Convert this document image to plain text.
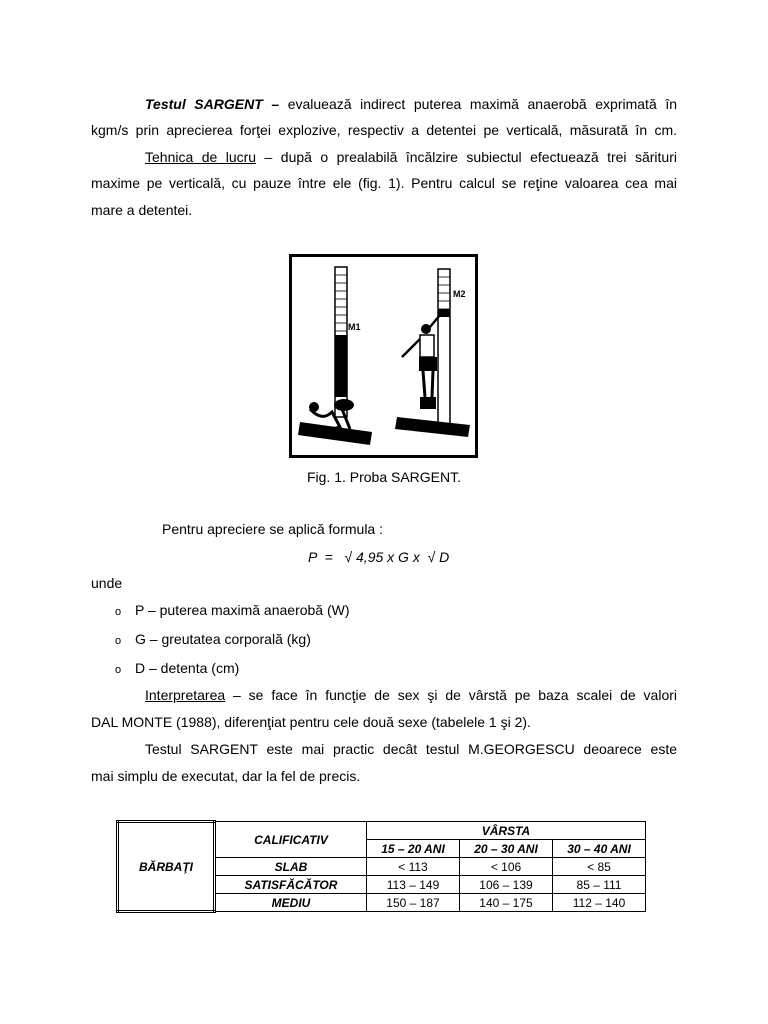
Testul SARGENT – evaluează indirect puterea maximă anaerobă exprimată în
kgm/s prin aprecierea forţei explozive, respectiv a detentei pe verticală, măsurată în cm.
Tehnica de lucru – după o prealabilă încălzire subiectul efectuează trei sărituri
maxime pe verticală, cu pauze între ele (fig. 1). Pentru calcul se reţine valoarea cea mai
mare a detentei.
M1
M2
Fig. 1. Proba SARGENT.
Pentru apreciere se aplică formula :
P  =   √ 4,95 x G x  √ D
unde
o P – puterea maximă anaerobă (W)
o G – greutatea corporală (kg)
o D – detenta (cm)
Interpretarea – se face în funcţie de sex şi de vârstă pe baza scalei de valori
DAL MONTE (1988), diferenţiat pentru cele două sexe (tabelele 1 şi 2).
Testul SARGENT este mai practic decât testul M.GEORGESCU deoarece este
mai simplu de executat, dar la fel de precis.
BĂRBAŢI	CALIFICATIV	VÂRSTA		
		15 – 20 ANI	20 – 30 ANI	30 – 40 ANI
	SLAB	< 113	< 106	< 85
	SATISFĂCĂTOR	113 – 149	106 – 139	85 – 111
	MEDIU	150 – 187	140 – 175	112 – 140
